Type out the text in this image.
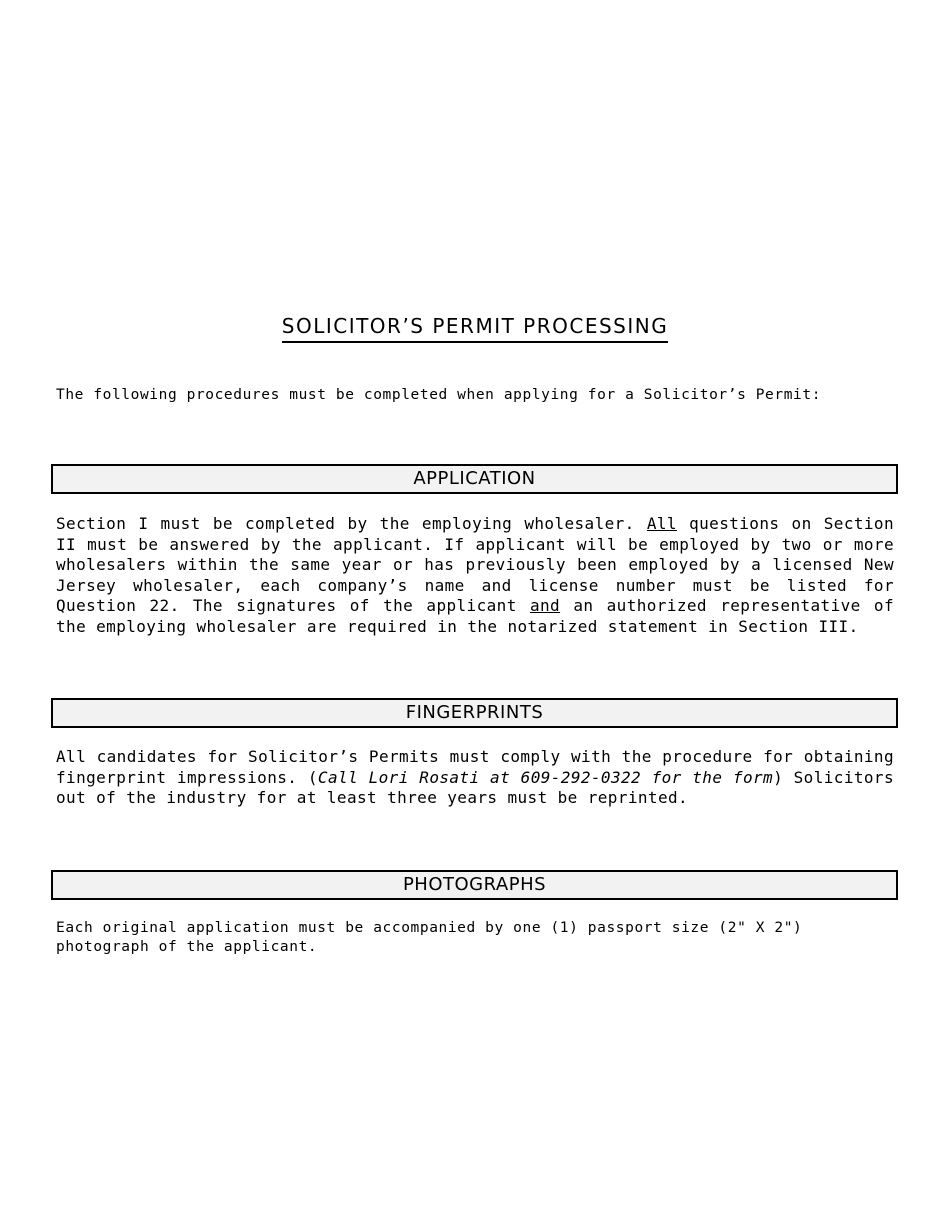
SOLICITOR’S PERMIT PROCESSING
The following procedures must be completed when applying for a Solicitor’s Permit:
APPLICATION
Section I must be completed by the employing wholesaler. All questions on Section II must be answered by the applicant. If applicant will be employed by two or more wholesalers within the same year or has previously been employed by a licensed New Jersey wholesaler, each company’s name and license number must be listed for Question 22. The signatures of the applicant and an authorized representative of the employing wholesaler are required in the notarized statement in Section III.
FINGERPRINTS
All candidates for Solicitor’s Permits must comply with the procedure for obtaining fingerprint impressions. (Call Lori Rosati at 609-292-0322 for the form) Solicitors out of the industry for at least three years must be reprinted.
PHOTOGRAPHS
Each original application must be accompanied by one (1) passport size (2" X 2") photograph of the applicant.
